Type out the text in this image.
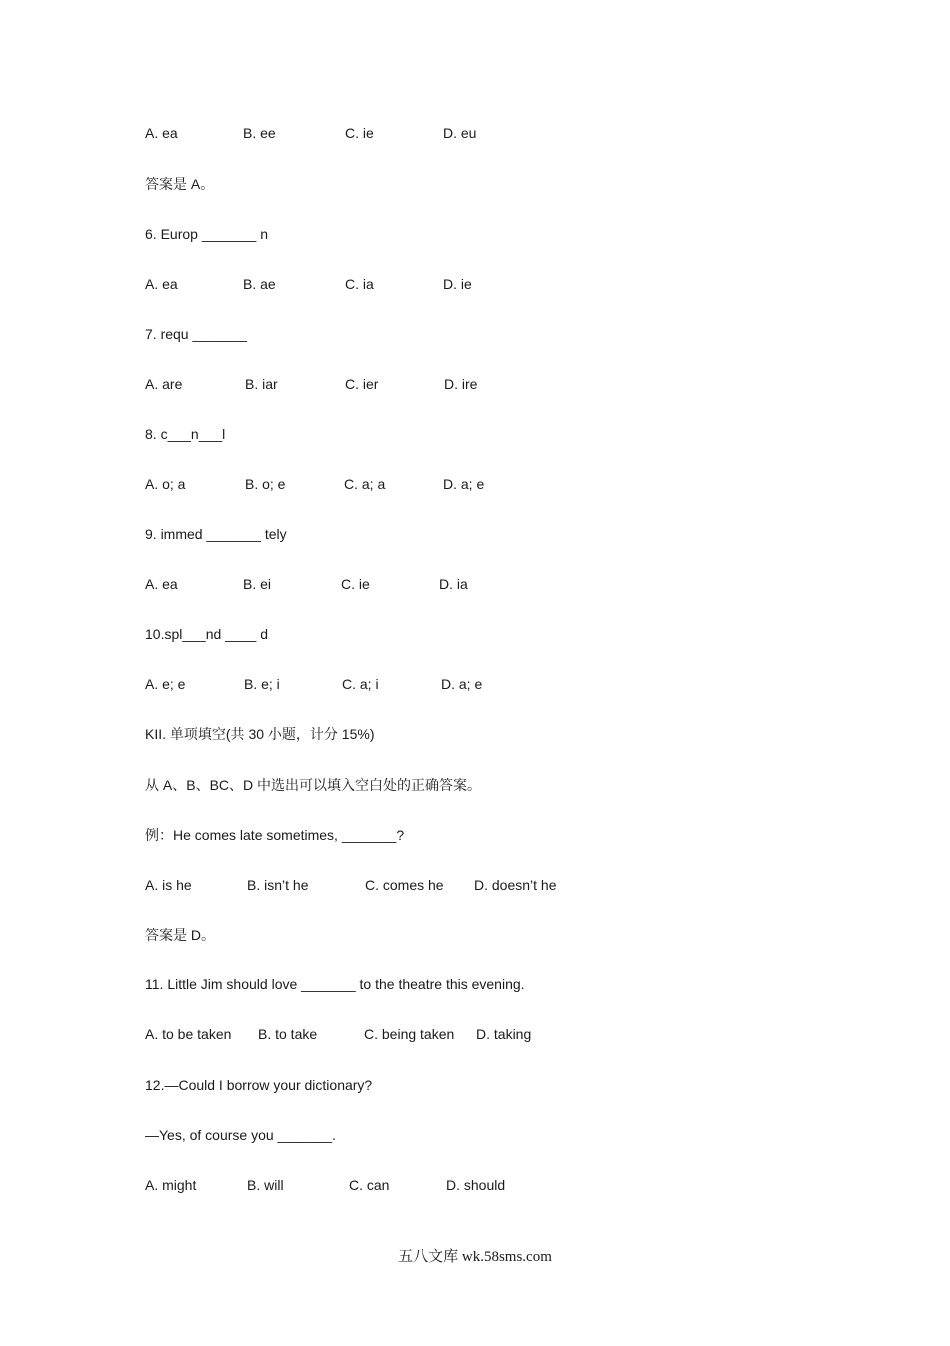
A. ea	B. ee	C. ie	D. eu
答案是 A。
6. Europ _______ n
A. ea	B. ae	C. ia	D. ie
7. requ _______
A. are	B. iar	C. ier	D. ire
8. c___n___l
A. o; a	B. o; e	C. a; a	D. a; e
9. immed _______ tely
A. ea	B. ei	C. ie	D. ia
10.spl___nd ____ d
A. e; e	B. e; i	C. a; i	D. a; e
KII. 单项填空(共 30 小题，计分 15%)
从 A、B、BC、D 中选出可以填入空白处的正确答案。
例：He comes late sometimes, _______?
A. is he	B. isn’t he	C. comes he D. doesn’t he
答案是 D。
11. Little Jim should love _______ to the theatre this evening.
A. to be taken B. to take	C. being taken D. taking
12.—Could I borrow your dictionary?
—Yes, of course you _______.
A. might	B. will	C. can	D. should
五八文库 wk.58sms.com
